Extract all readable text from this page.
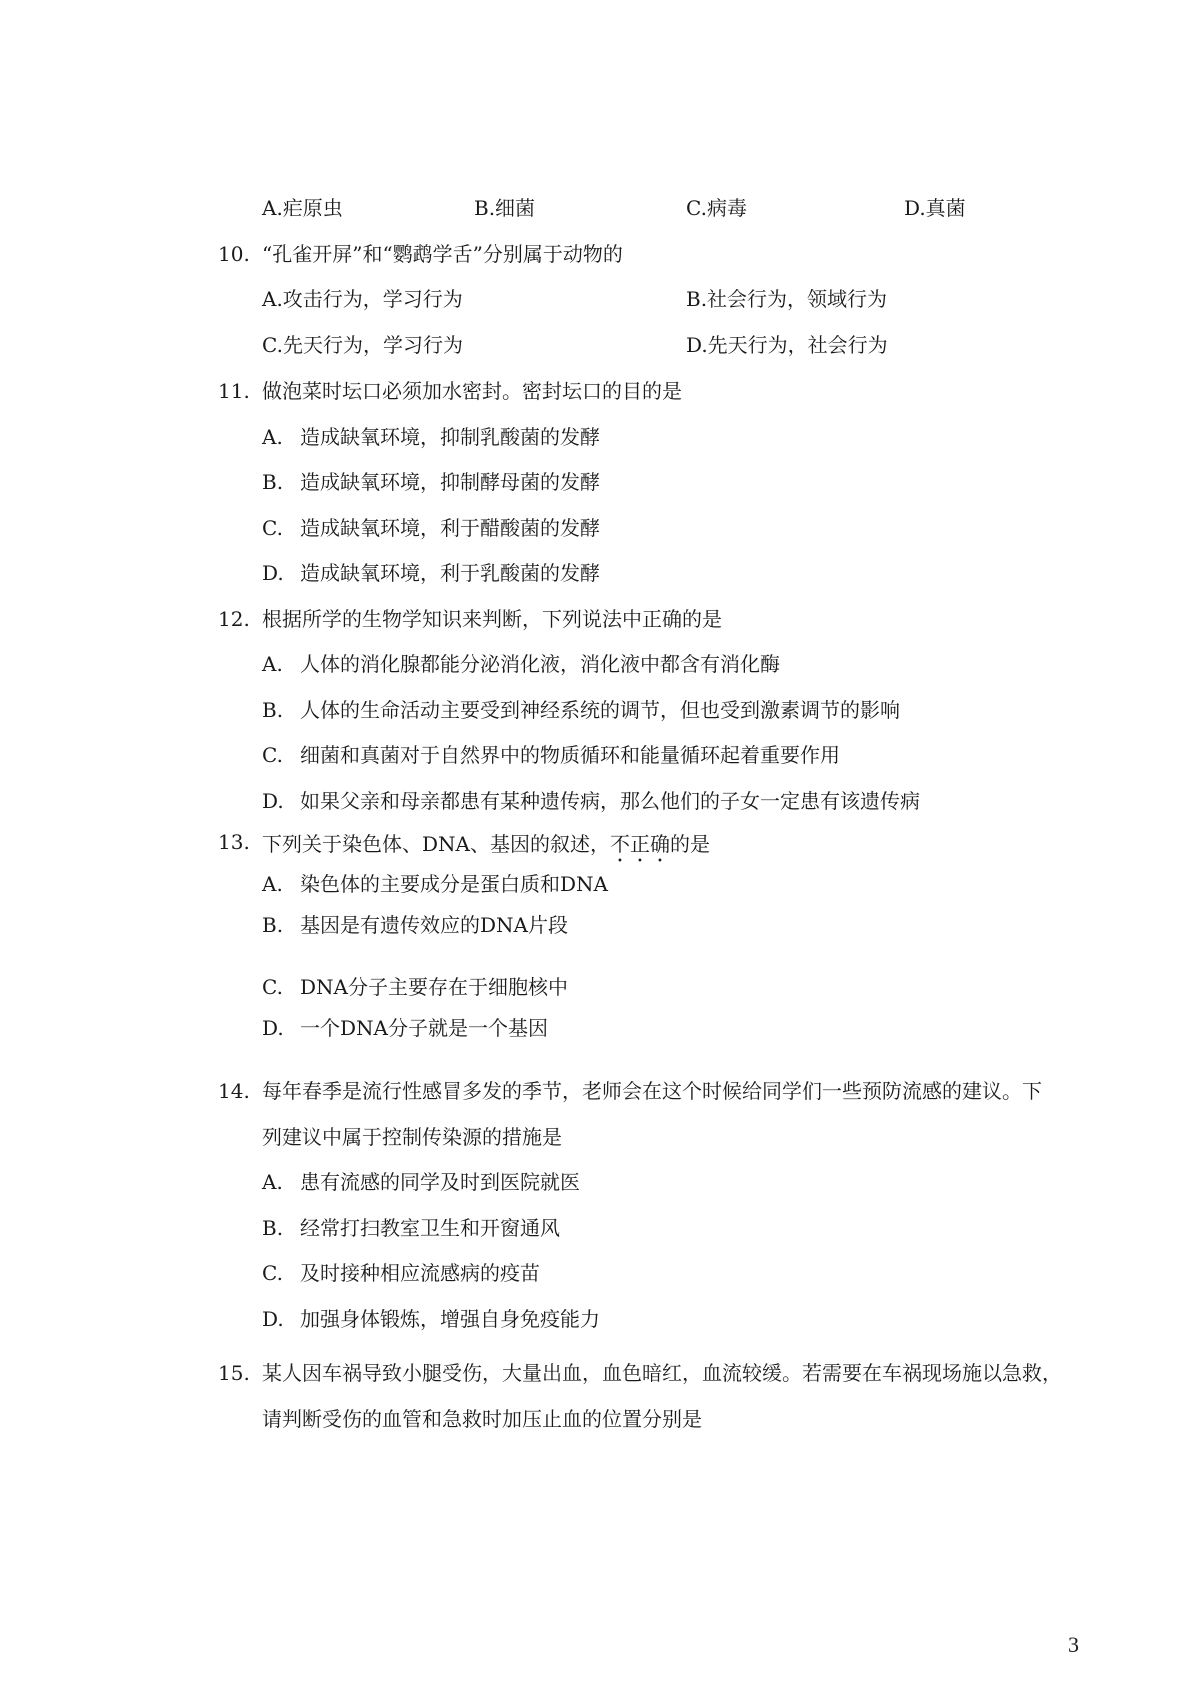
A.疟原虫	B.细菌	C.病毒	D.真菌
10. “孔雀开屏”和“鹦鹉学舌”分别属于动物的
A.攻击行为，学习行为	B.社会行为，领域行为
C.先天行为，学习行为	D.先天行为，社会行为
11. 做泡菜时坛口必须加水密封。密封坛口的目的是
A. 造成缺氧环境，抑制乳酸菌的发酵
B. 造成缺氧环境，抑制酵母菌的发酵
C. 造成缺氧环境，利于醋酸菌的发酵
D. 造成缺氧环境，利于乳酸菌的发酵
12. 根据所学的生物学知识来判断，下列说法中正确的是
A. 人体的消化腺都能分泌消化液，消化液中都含有消化酶
B. 人体的生命活动主要受到神经系统的调节，但也受到激素调节的影响
C. 细菌和真菌对于自然界中的物质循环和能量循环起着重要作用
D. 如果父亲和母亲都患有某种遗传病，那么他们的子女一定患有该遗传病
13. 下列关于染色体、DNA、基因的叙述，不正确的是
A. 染色体的主要成分是蛋白质和DNA
B. 基因是有遗传效应的DNA片段
C. DNA分子主要存在于细胞核中
D. 一个DNA分子就是一个基因
14. 每年春季是流行性感冒多发的季节，老师会在这个时候给同学们一些预防流感的建议。下
列建议中属于控制传染源的措施是
A. 患有流感的同学及时到医院就医
B. 经常打扫教室卫生和开窗通风
C. 及时接种相应流感病的疫苗
D. 加强身体锻炼，增强自身免疫能力
15. 某人因车祸导致小腿受伤，大量出血，血色暗红，血流较缓。若需要在车祸现场施以急救，
请判断受伤的血管和急救时加压止血的位置分别是
3
